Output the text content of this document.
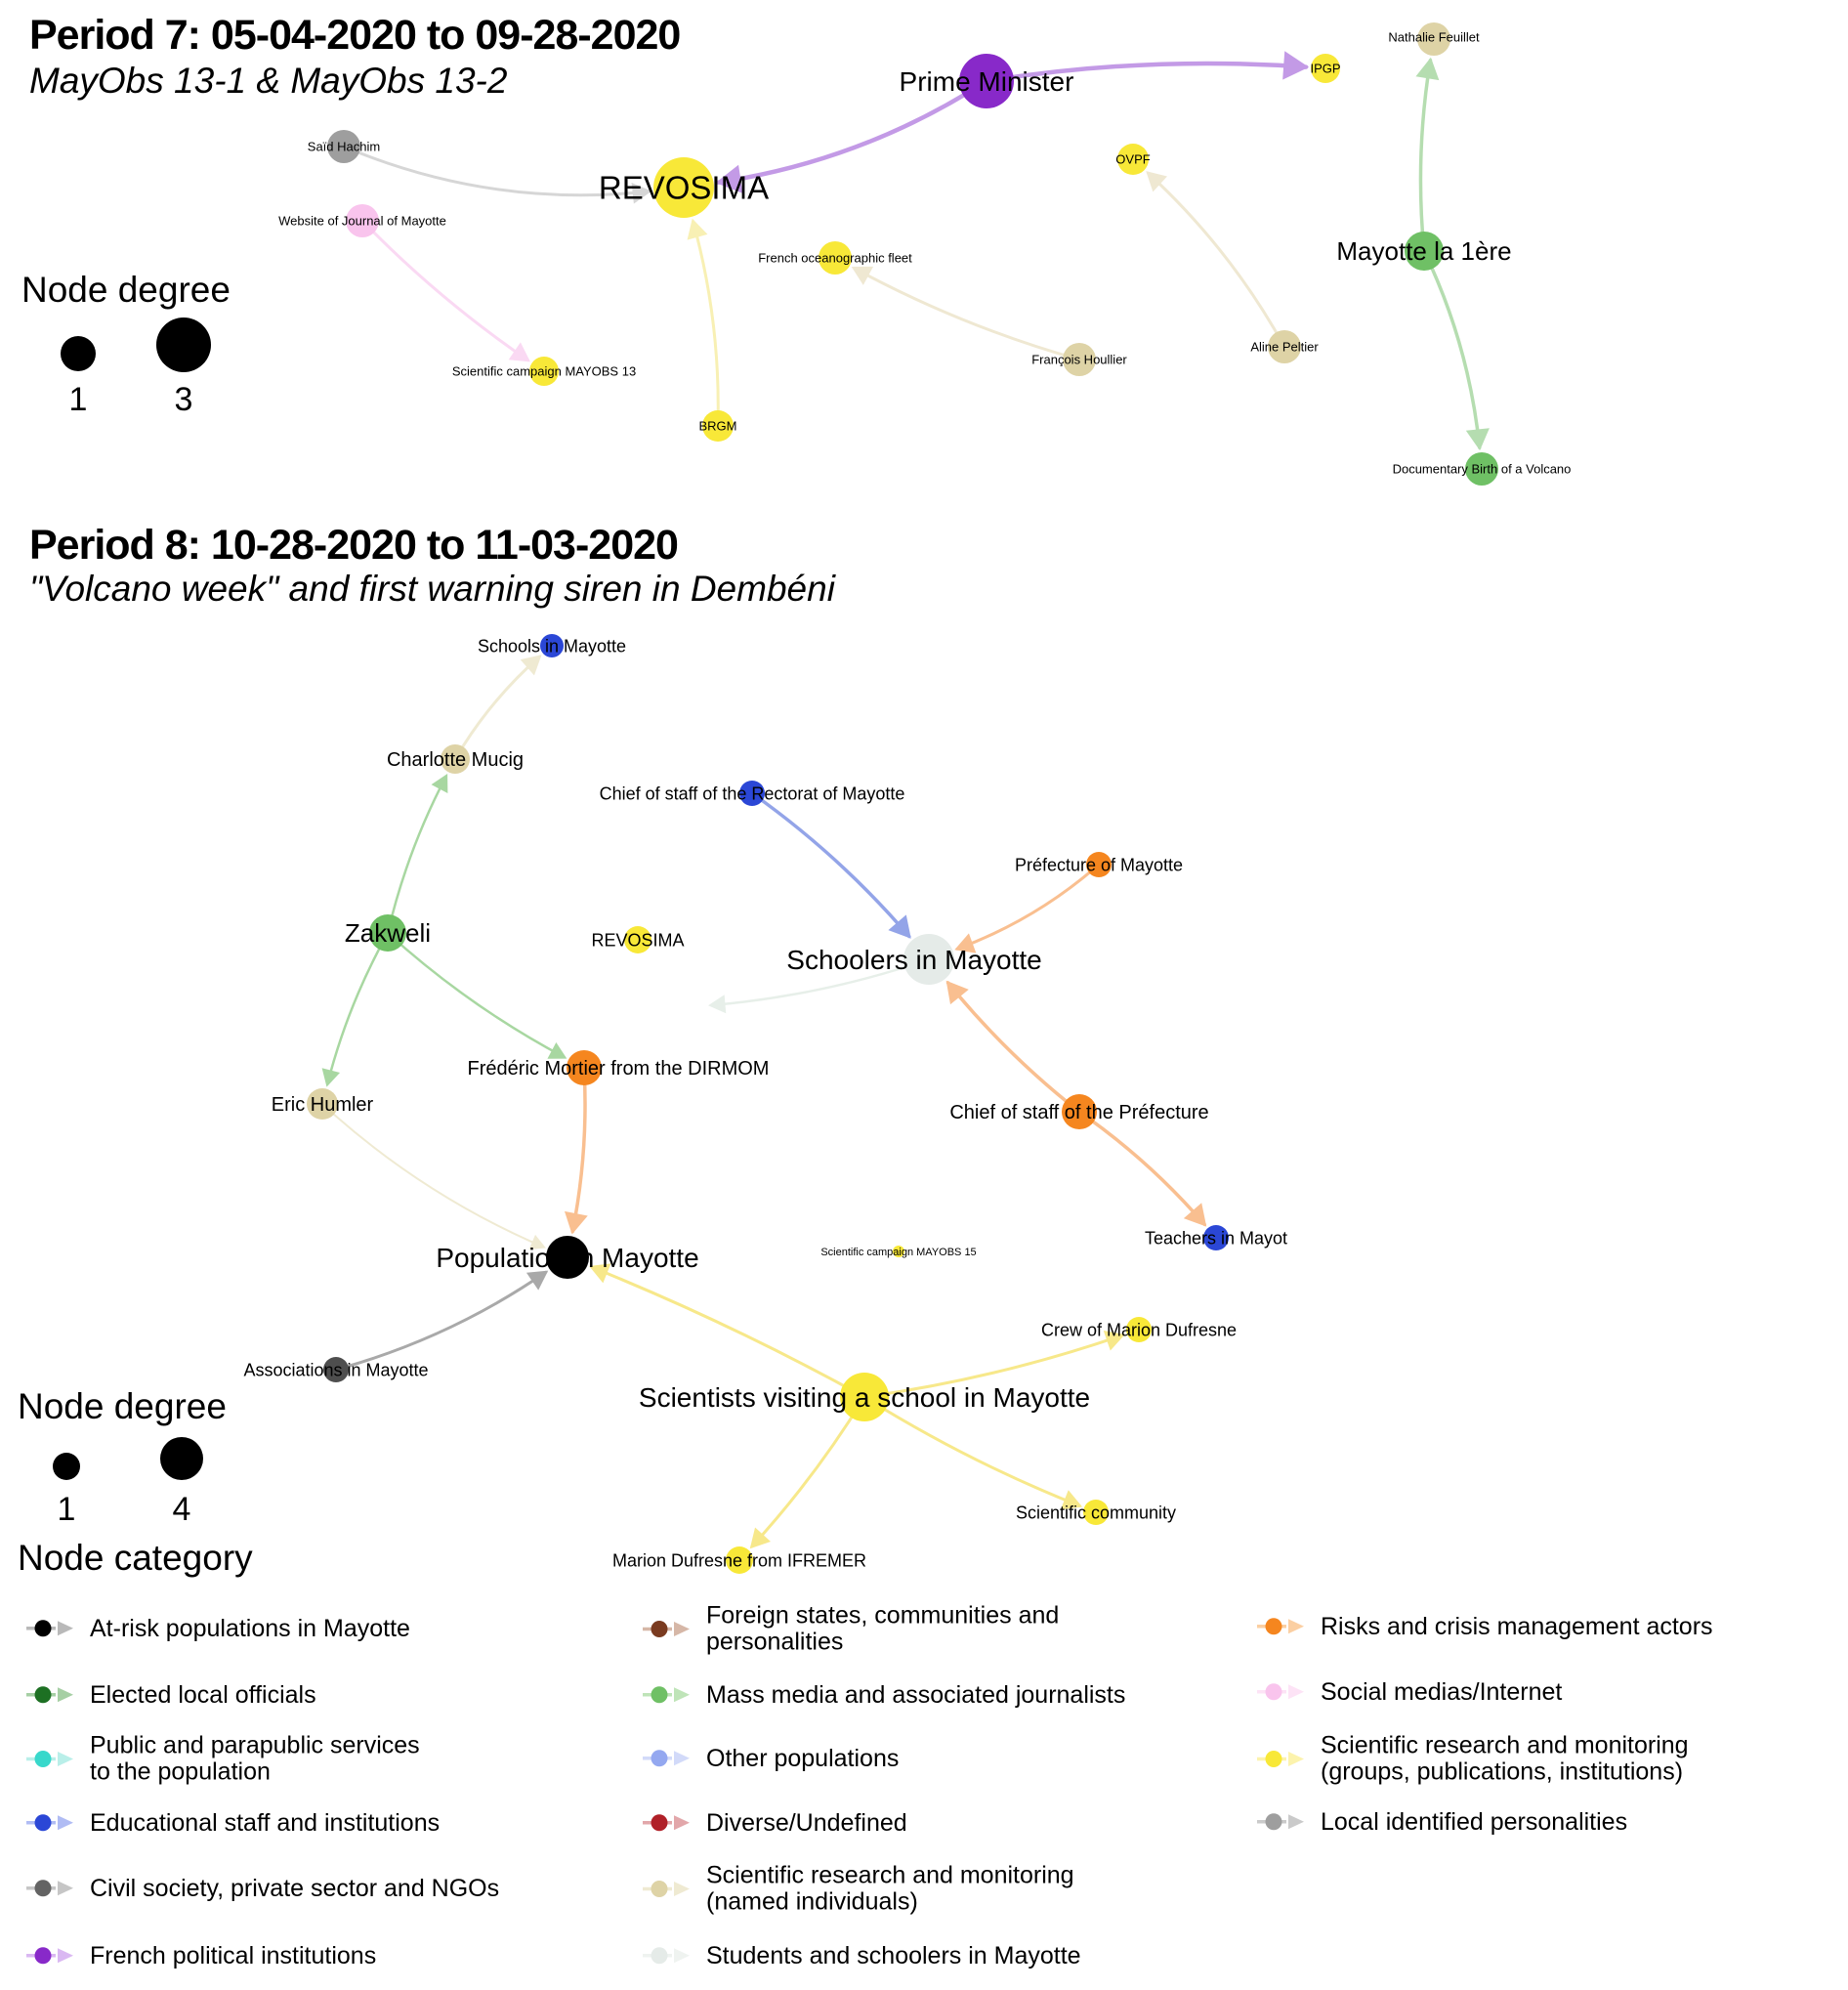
Prime Minister
REVOSIMA
Saïd Hachim
Website of Journal of Mayotte
Scientific campaign MAYOBS 13
BRGM
French oceanographic fleet
François Houllier
OVPF
Aline Peltier
IPGP
Nathalie Feuillet
Mayotte la 1ère
Documentary Birth of a Volcano
1	3
Schools in Mayotte
Charlotte Mucig
Chief of staff of the Rectorat of Mayotte
Préfecture of Mayotte
Zakweli	REVOSIMA
Schoolers in Mayotte
Frédéric Mortier from the DIRMOM
Eric Humler	Chief of staff of the Préfecture
Population in Mayotte
Teachers in Mayot
Scientific campaign MAYOBS 15
Associations in Mayotte
Scientists visiting a school in Mayotte
Crew of Marion Dufresne
Marion Dufresne from IFREMER
Scientific community
1	4
Period 7: 05-04-2020 to 09-28-2020
MayObs 13-1 & MayObs 13-2
Node degree
Period 8: 10-28-2020 to 11-03-2020
"Volcano week" and first warning siren in Dembéni
Node degree
Node category
At-risk populations in Mayotte
Elected local officials
Public and parapublic services
to the population
Educational staff and institutions
Civil society, private sector and NGOs
French political institutions
Foreign states, communities and
personalities
Mass media and associated journalists
Other populations
Diverse/Undefined
Scientific research and monitoring
(named individuals)
Students and schoolers in Mayotte
Risks and crisis management actors
Social medias/Internet
Scientific research and monitoring
(groups, publications, institutions)
Local identified personalities
